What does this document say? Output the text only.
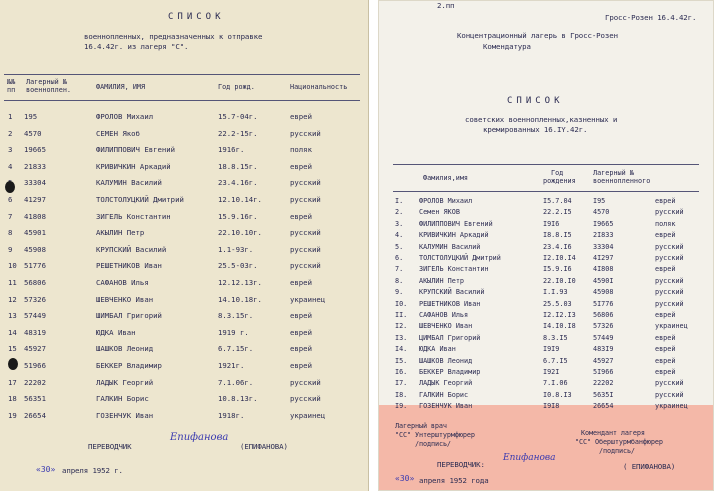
СПИСОК
военнопленных, предназначенных к отправке
16.4.42г. из лагеря "С".
№№
пп
Лагерный №
военноплен.	ФАМИЛИЯ, ИМЯ	Год рожд.	Национальность
1 195	ФРОЛОВ Михаил	15.7-04г.	еврей
2 4570	СЕМЕН Якоб	22.2-15г.	русский
3 19665	ФИЛИППОВИЧ Евгений	1916г.	поляк
4 21833	КРИВИЧКИН Аркадий	18.8.15г.	еврей
33304	КАЛУМИН Василий	23.4.16г.	русский
6 41297	ТОЛСТОЛУЦКИЙ Дмитрий	12.10.14г.	русский
7 41808	ЗИГЕЛЬ Константин	15.9.16г.	еврей
8 45901	АКЫЛИН Петр	22.10.10г.	русский
9 45908	КРУПСКИЙ Василий	1.1-93г.	русский
10 51776	РЕШЕТНИКОВ Иван	25.5-03г.	русский
11 56806	САФАНОВ Илья	12.12.13г.	еврей
12 57326	ШЕВЧЕНКО Иван	14.10.18г.	украинец
13 57449	ШИМБАЛ Григорий	8.3.15г.	еврей
14 48319	ЮДКА Иван	1919 г.	еврей
15 45927	ШАШКОВ Леонид	6.7.15г.	еврей
51966	БЕККЕР Владимир	1921г.	еврей
17 22202	ЛАДЫК Георгий	7.1.06г.	русский
18 56351	ГАЛКИН Борис	10.8.13г.	русский
19 26654	ГОЗЕНЧУК Иван	1918г.	украинец
ПЕРЕВОДЧИК
Епифанова
(ЕПИФАНОВА)
«30» апреля 1952 г.
2.пп
Гросс-Розен 16.4.42г.
Концентрационный лагерь в Гросс-Розен
Комендатура
СПИСОК
советских военнопленных,казненных и
кремированных 16.IY.42г.
Фамилия,имя
Год
рождения
Лагерный №
военнопленного
I. ФРОЛОВ Михаил	I5.7.04	I95	еврей
2. Семен ЯКОВ	22.2.I5	4570	русский
3. ФИЛИППОВИЧ Евгений	I9I6	I9665	поляк
4. КРИВИЧКИН Аркадий	I8.8.I5	2I833	еврей
5. КАЛУМИН Василий	23.4.I6	33304	русский
6. ТОЛСТОЛУЦКИЙ Дмитрий	I2.I0.I4	4I297	русский
7. ЗИГЕЛЬ Константин	I5.9.I6	4I808	еврей
8. АКЫЛИН Петр	22.I0.I0	4590I	русский
9. КРУПСКИЙ Василий	I.I.93	45908	русский
I0. РЕШЕТНИКОВ Иван	25.5.03	5I776	русский
II. САФАНОВ Илья	I2.I2.I3	56806	еврей
I2. ШЕВЧЕНКО Иван	I4.I0.I8	57326	украинец
I3. ЦИМБАЛ Григорий	8.3.I5	57449	еврей
I4. ЮДКА Иван	I9I9	483I9	еврей
I5. ШАШКОВ Леонид	6.7.I5	45927	еврей
I6. БЕККЕР Владимир	I92I	5I966	еврей
I7. ЛАДЫК Георгий	7.I.06	22202	русский
I8. ГАЛКИН Борис	I0.8.I3	5635I	русский
I9. ГОЗЕНЧУК Иван	I9I8	26654	украинец
Лагерный врач
"СС" Унтерштурмфюрер
/подпись/
Комендант лагеря
"СС" Оберштурмбанфюрер
/подпись/
ПЕРЕВОДЧИК:
Епифанова
( ЕПИФАНОВА)
«30» апреля 1952 года
